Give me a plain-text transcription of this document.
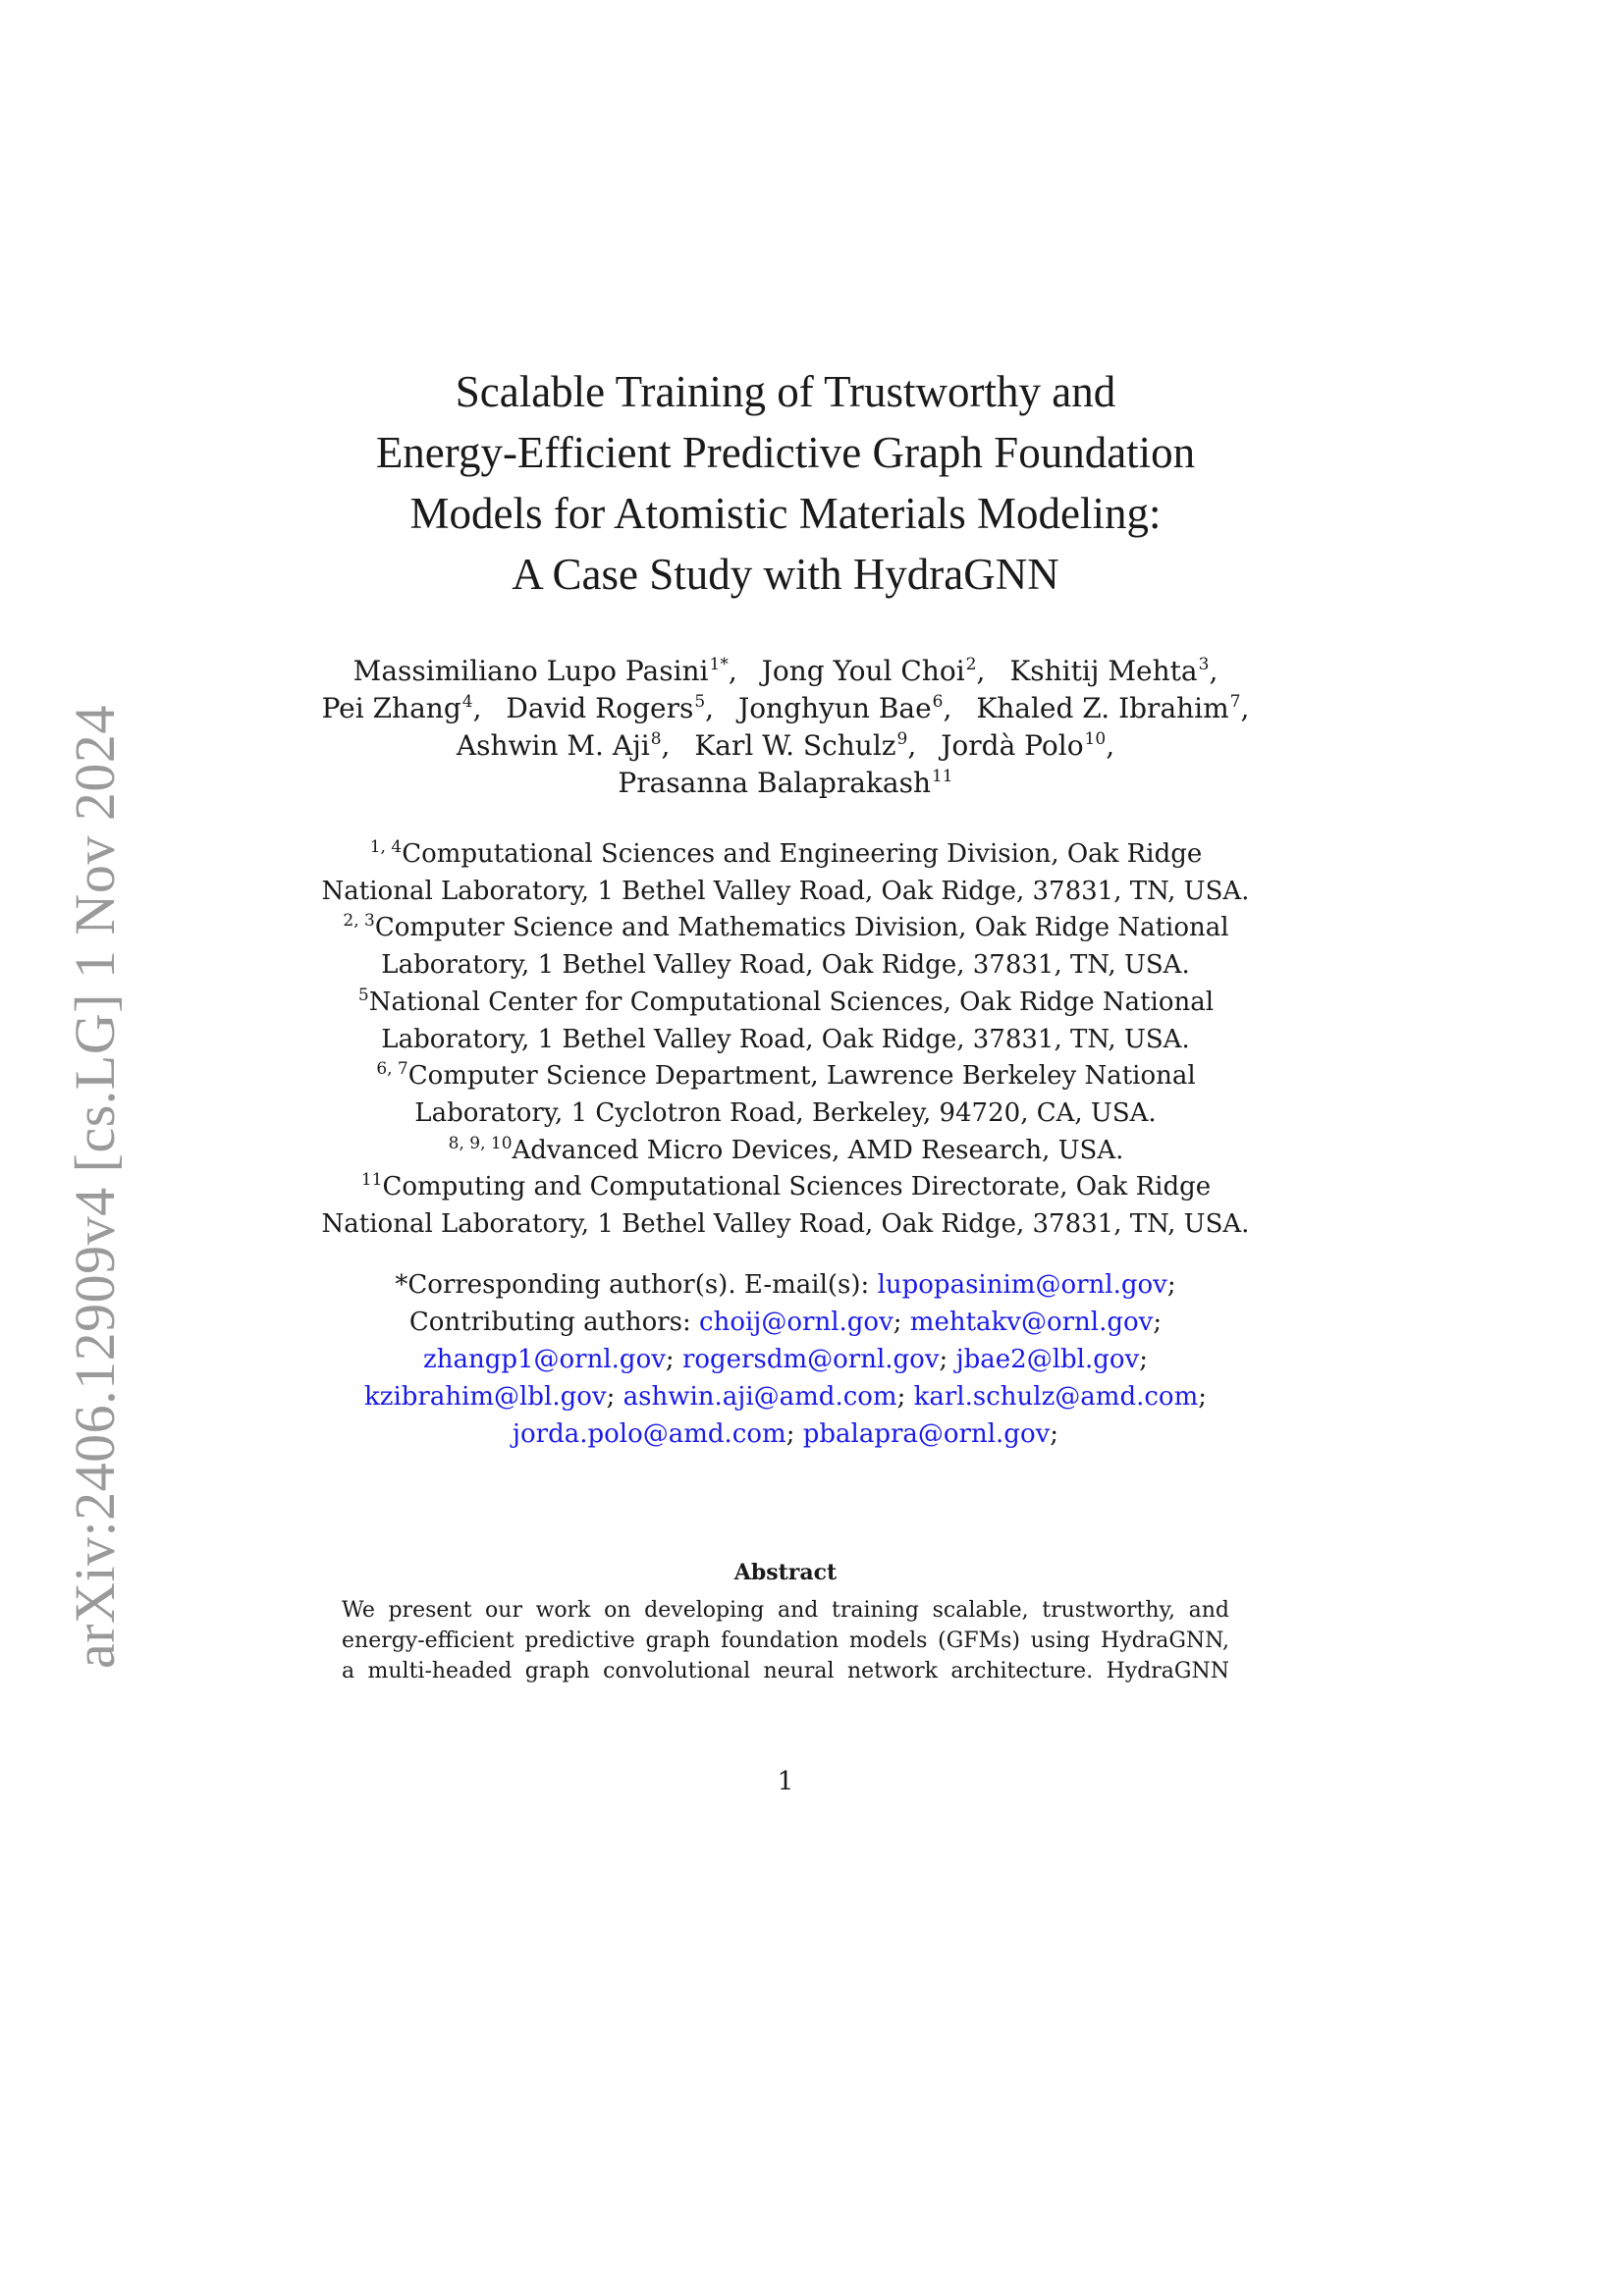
arXiv:2406.12909v4 [cs.LG] 1 Nov 2024
Scalable Training of Trustworthy and
Energy-Efficient Predictive Graph Foundation
Models for Atomistic Materials Modeling:
A Case Study with HydraGNN
Massimiliano Lupo Pasini$^{1*}$, Jong Youl Choi$^2$, Kshitij Mehta$^3$,
Pei Zhang$^4$, David Rogers$^5$, Jonghyun Bae$^6$, Khaled Z. Ibrahim$^7$,
Ashwin M. Aji$^8$, Karl W. Schulz$^9$, Jordà Polo$^{10}$,
Prasanna Balaprakash$^{11}$
$^{1, 4}$Computational Sciences and Engineering Division, Oak Ridge
National Laboratory, 1 Bethel Valley Road, Oak Ridge, 37831, TN, USA.
$^{2, 3}$Computer Science and Mathematics Division, Oak Ridge National
Laboratory, 1 Bethel Valley Road, Oak Ridge, 37831, TN, USA.
$^5$National Center for Computational Sciences, Oak Ridge National
Laboratory, 1 Bethel Valley Road, Oak Ridge, 37831, TN, USA.
$^{6, 7}$Computer Science Department, Lawrence Berkeley National
Laboratory, 1 Cyclotron Road, Berkeley, 94720, CA, USA.
$^{8, 9, 10}$Advanced Micro Devices, AMD Research, USA.
$^{11}$Computing and Computational Sciences Directorate, Oak Ridge
National Laboratory, 1 Bethel Valley Road, Oak Ridge, 37831, TN, USA.
*Corresponding author(s). E-mail(s): lupopasinim@ornl.gov;
Contributing authors: choij@ornl.gov; mehtakv@ornl.gov;
zhangp1@ornl.gov; rogersdm@ornl.gov; jbae2@lbl.gov;
kzibrahim@lbl.gov; ashwin.aji@amd.com; karl.schulz@amd.com;
jorda.polo@amd.com; pbalapra@ornl.gov;
Abstract
We present our work on developing and training scalable, trustworthy, and
energy-efficient predictive graph foundation models (GFMs) using HydraGNN,
a multi-headed graph convolutional neural network architecture. HydraGNN
1
